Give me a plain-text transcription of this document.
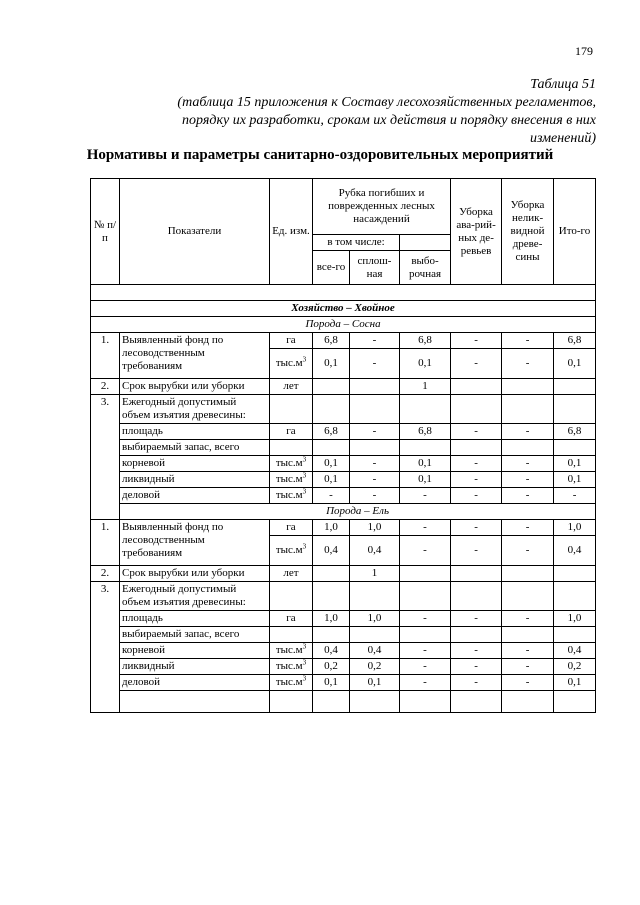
179
Таблица 51
(таблица 15 приложения к Составу лесохозяйственных регламентов,
порядку их разработки, срокам их действия и порядку внесения в них
изменений)
Нормативы и параметры санитарно-оздоровительных мероприятий
№ п/п	Показатели	Ед. изм.	Рубка погибших и поврежденных лесных насаждений			Уборка ава-рий-ных де-ревьев	Уборка нелик-видной древе-сины	Ито-го
			в том числе:					
			все-го	сплош-ная	выбо-рочная			

Хозяйство – Хвойное								
Порода – Сосна								
1.	Выявленный фонд по лесоводственным требованиям	га	6,8	-	6,8	-	-	6,8
		$тыс.м^3$	0,1	-	0,1	-	-	0,1
2.	Срок вырубки или уборки	лет			1			
3.	Ежегодный допустимый объем изъятия древесины:							
	площадь	га	6,8	-	6,8	-	-	6,8
	выбираемый запас, всего							
	корневой	$тыс.м^3$	0,1	-	0,1	-	-	0,1
	ликвидный	$тыс.м^3$	0,1	-	0,1	-	-	0,1
	деловой	$тыс.м^3$	-	-	-	-	-	-
	Порода – Ель							
1.	Выявленный фонд по лесоводственным требованиям	га	1,0	1,0	-	-	-	1,0
		$тыс.м^3$	0,4	0,4	-	-	-	0,4
2.	Срок вырубки или уборки	лет		1				
3.	Ежегодный допустимый объем изъятия древесины:							
	площадь	га	1,0	1,0	-	-	-	1,0
	выбираемый запас, всего							
	корневой	$тыс.м^3$	0,4	0,4	-	-	-	0,4
	ликвидный	$тыс.м^3$	0,2	0,2	-	-	-	0,2
	деловой	$тыс.м^3$	0,1	0,1	-	-	-	0,1
